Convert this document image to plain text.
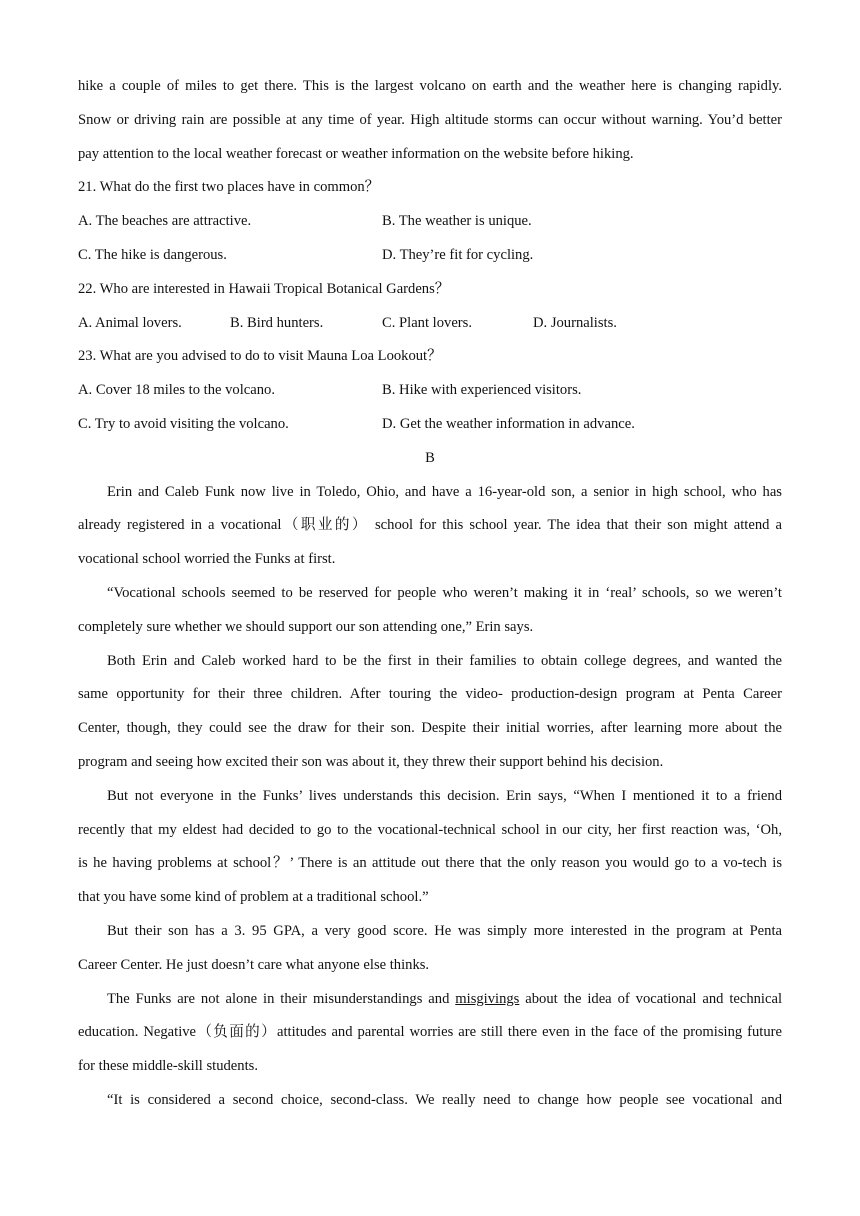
hike a couple of miles to get there. This is the largest volcano on earth and the weather here is changing rapidly.
Snow or driving rain are possible at any time of year. High altitude storms can occur without warning. You’d better
pay attention to the local weather forecast or weather information on the website before hiking.
21. What do the first two places have in common？
A. The beaches are attractive.	B. The weather is unique.
C. The hike is dangerous.	D. They’re fit for cycling.
22. Who are interested in Hawaii Tropical Botanical Gardens？
A. Animal lovers.	B. Bird hunters.	C. Plant lovers.	D. Journalists.
23. What are you advised to do to visit Mauna Loa Lookout？
A. Cover 18 miles to the volcano.	B. Hike with experienced visitors.
C. Try to avoid visiting the volcano.	D. Get the weather information in advance.
B
Erin and Caleb Funk now live in Toledo, Ohio, and have a 16-year-old son, a senior in high school, who has
already registered in a vocational（职业的） school for this school year. The idea that their son might attend a
vocational school worried the Funks at first.
“Vocational schools seemed to be reserved for people who weren’t making it in ‘real’ schools, so we weren’t
completely sure whether we should support our son attending one,” Erin says.
Both Erin and Caleb worked hard to be the first in their families to obtain college degrees, and wanted the
same opportunity for their three children. After touring the video- production-design program at Penta Career
Center, though, they could see the draw for their son. Despite their initial worries, after learning more about the
program and seeing how excited their son was about it, they threw their support behind his decision.
But not everyone in the Funks’ lives understands this decision. Erin says, “When I mentioned it to a friend
recently that my eldest had decided to go to the vocational-technical school in our city, her first reaction was, ‘Oh,
is he having problems at school？’ There is an attitude out there that the only reason you would go to a vo-tech is
that you have some kind of problem at a traditional school.”
But their son has a 3. 95 GPA, a very good score. He was simply more interested in the program at Penta
Career Center. He just doesn’t care what anyone else thinks.
The Funks are not alone in their misunderstandings and misgivings about the idea of vocational and technical
education. Negative（负面的）attitudes and parental worries are still there even in the face of the promising future
for these middle-skill students.
“It is considered a second choice, second-class. We really need to change how people see vocational and
